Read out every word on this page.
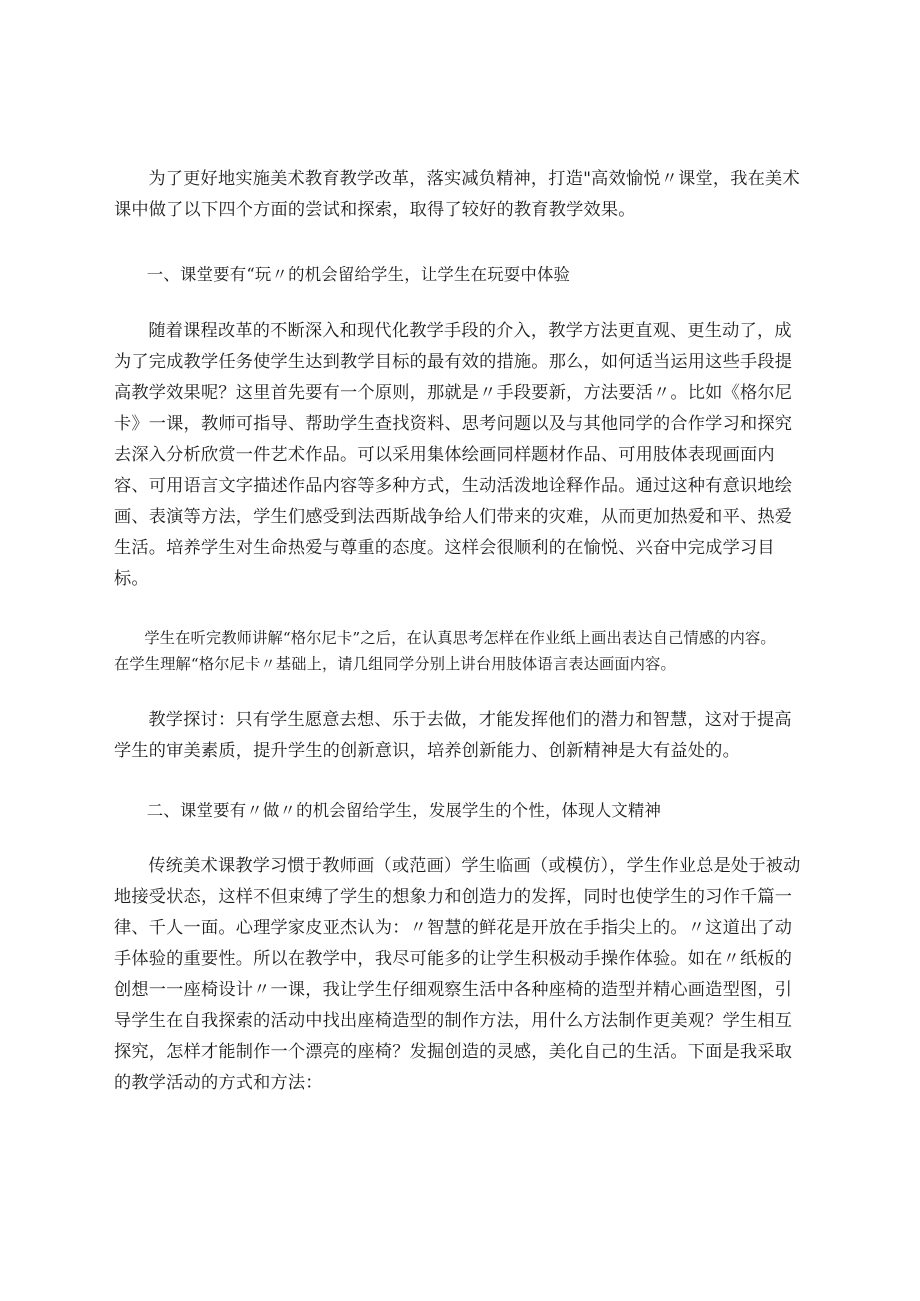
为了更好地实施美术教育教学改革，落实减负精神，打造"高效愉悦〃课堂，我在美术课中做了以下四个方面的尝试和探索，取得了较好的教育教学效果。

一、课堂要有“玩〃的机会留给学生，让学生在玩耍中体验

随着课程改革的不断深入和现代化教学手段的介入，教学方法更直观、更生动了，成为了完成教学任务使学生达到教学目标的最有效的措施。那么，如何适当运用这些手段提高教学效果呢？这里首先要有一个原则，那就是〃手段要新，方法要活〃。比如《格尔尼卡》一课，教师可指导、帮助学生查找资料、思考问题以及与其他同学的合作学习和探究去深入分析欣赏一件艺术作品。可以采用集体绘画同样题材作品、可用肢体表现画面内容、可用语言文字描述作品内容等多种方式，生动活泼地诠释作品。通过这种有意识地绘画、表演等方法，学生们感受到法西斯战争给人们带来的灾难，从而更加热爱和平、热爱生活。培养学生对生命热爱与尊重的态度。这样会很顺利的在愉悦、兴奋中完成学习目标。

学生在听完教师讲解“格尔尼卡”之后，在认真思考怎样在作业纸上画出表达自己情感的内容。
在学生理解“格尔尼卡〃基础上，请几组同学分别上讲台用肢体语言表达画面内容。

教学探讨：只有学生愿意去想、乐于去做，才能发挥他们的潜力和智慧，这对于提高学生的审美素质，提升学生的创新意识，培养创新能力、创新精神是大有益处的。

二、课堂要有〃做〃的机会留给学生，发展学生的个性，体现人文精神

传统美术课教学习惯于教师画（或范画）学生临画（或模仿），学生作业总是处于被动地接受状态，这样不但束缚了学生的想象力和创造力的发挥，同时也使学生的习作千篇一律、千人一面。心理学家皮亚杰认为：〃智慧的鲜花是开放在手指尖上的。〃这道出了动手体验的重要性。所以在教学中，我尽可能多的让学生积极动手操作体验。如在〃纸板的创想一一座椅设计〃一课，我让学生仔细观察生活中各种座椅的造型并精心画造型图，引导学生在自我探索的活动中找出座椅造型的制作方法，用什么方法制作更美观？学生相互探究，怎样才能制作一个漂亮的座椅？发掘创造的灵感，美化自己的生活。下面是我采取的教学活动的方式和方法：
